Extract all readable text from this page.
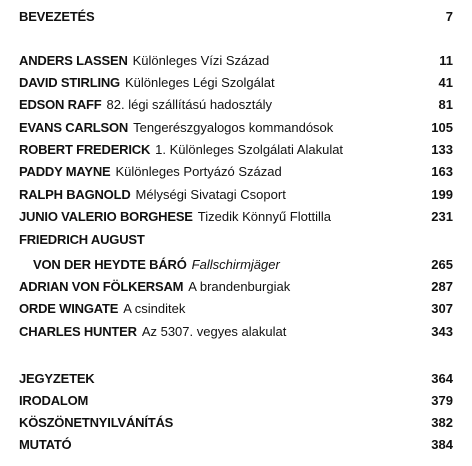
BEVEZETÉS	7
ANDERS LASSEN Különleges Vízi Század	11
DAVID STIRLING Különleges Légi Szolgálat	41
EDSON RAFF 82. légi szállítású hadosztály	81
EVANS CARLSON Tengerészgyalogos kommandósok	105
ROBERT FREDERICK 1. Különleges Szolgálati Alakulat	133
PADDY MAYNE Különleges Portyázó Század	163
RALPH BAGNOLD Mélységi Sivatagi Csoport	199
JUNIO VALERIO BORGHESE Tizedik Könnyű Flottilla	231
FRIEDRICH AUGUST
VON DER HEYDTE BÁRÓ Fallschirmjäger	265
ADRIAN VON FÖLKERSAM A brandenburgiak	287
ORDE WINGATE A csinditek	307
CHARLES HUNTER Az 5307. vegyes alakulat	343
JEGYZETEK	364
IRODALOM	379
KÖSZÖNETNYILVÁNÍTÁS	382
MUTATÓ	384
